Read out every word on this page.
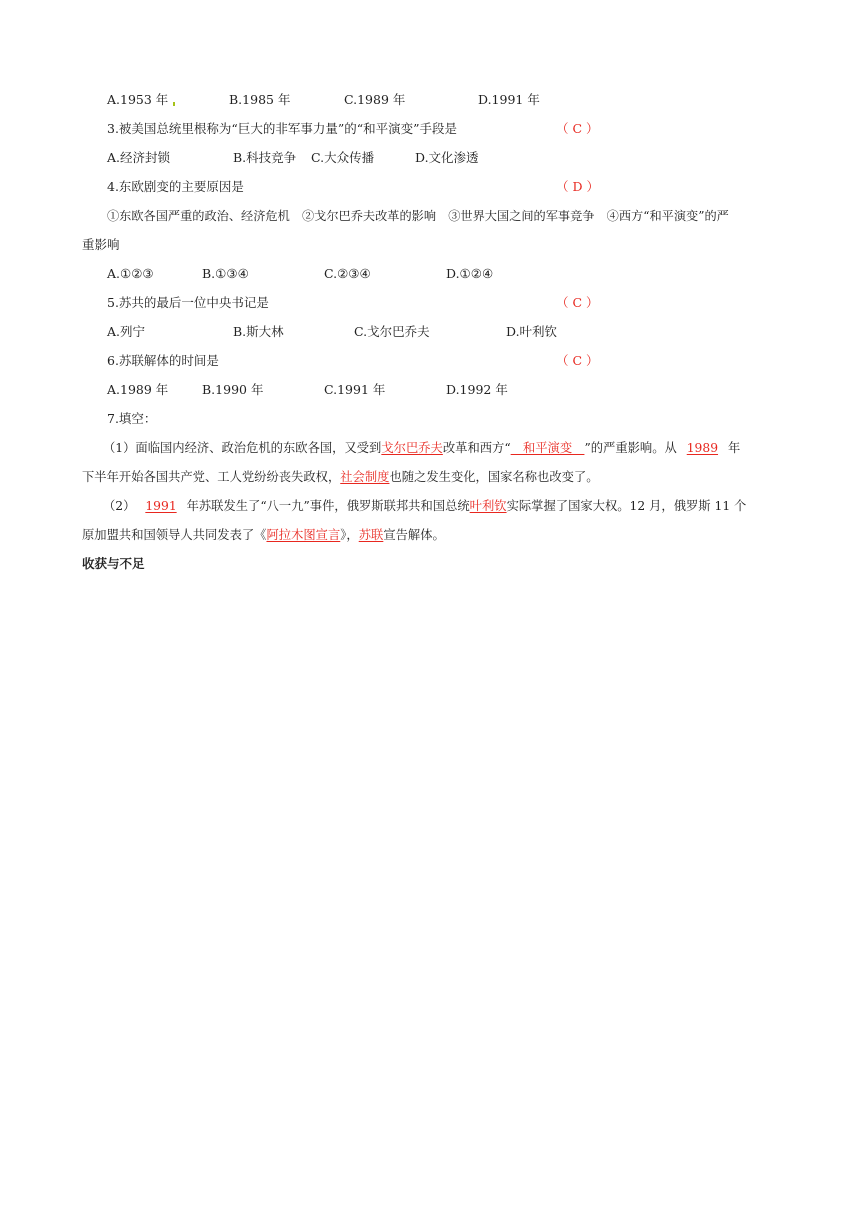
A.1953 年	B.1985 年	C.1989 年	D.1991 年
3.被美国总统里根称为“巨大的非军事力量”的“和平演变”手段是	（ C ）
A.经济封锁	B.科技竞争 C.大众传播	D.文化渗透
4.东欧剧变的主要原因是	（ D ）
①东欧各国严重的政治、经济危机　②戈尔巴乔夫改革的影响　③世界大国之间的军事竞争　④西方“和平演变”的严
重影响
A.①②③	B.①③④	C.②③④	D.①②④
5.苏共的最后一位中央书记是	（ C ）
A.列宁	B.斯大林	C.戈尔巴乔夫	D.叶利钦
6.苏联解体的时间是	（ C ）
A.1989 年	B.1990 年	C.1991 年	D.1992 年
7.填空：
（1）面临国内经济、政治危机的东欧各国，又受到戈尔巴乔夫改革和西方“　和平演变　”的严重影响。从 1989 年
下半年开始各国共产党、工人党纷纷丧失政权，社会制度也随之发生变化，国家名称也改变了。
（2） 1991 年苏联发生了“八一九”事件，俄罗斯联邦共和国总统叶利钦实际掌握了国家大权。12 月，俄罗斯 11 个
原加盟共和国领导人共同发表了《阿拉木图宣言》，苏联宣告解体。
收获与不足
